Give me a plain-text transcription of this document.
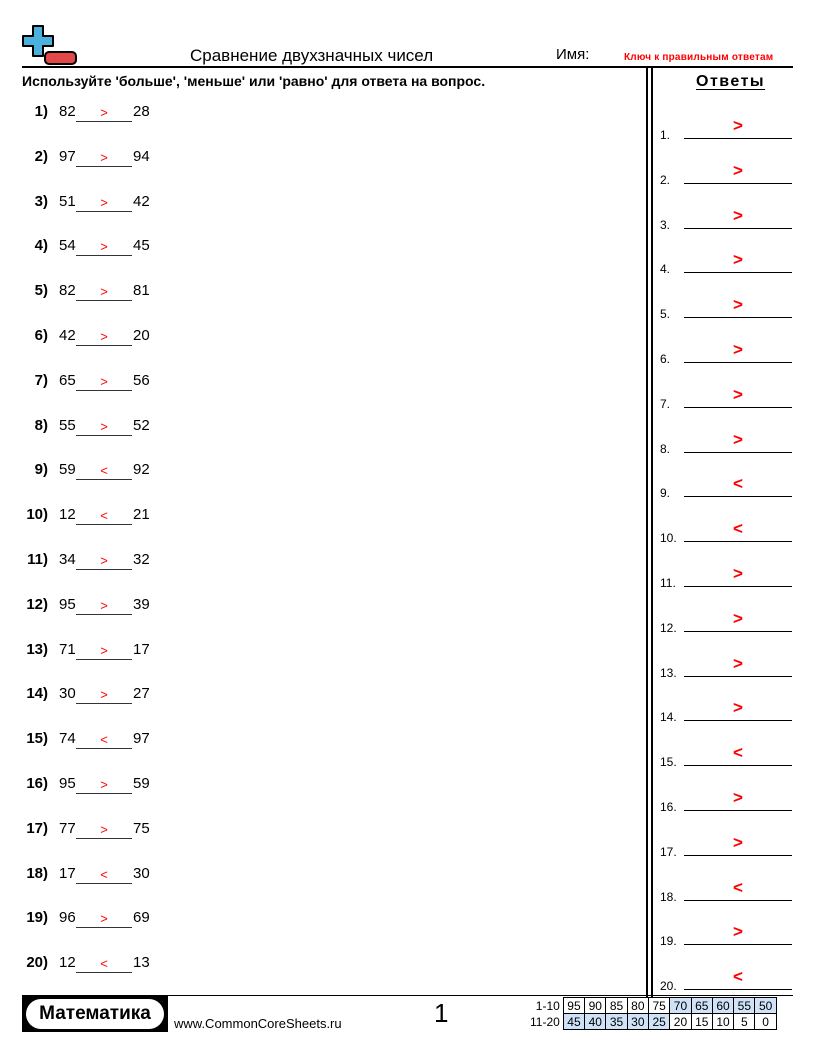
Сравнение двухзначных чисел	Имя:	Ключ к правильным ответам
Используйте 'больше', 'меньше' или 'равно' для ответа на вопрос.	Ответы
1) 82	>	28
2) 97	>	94
3) 51	>	42
4) 54	>	45
5) 82	>	81
6) 42	>	20
7) 65	>	56
8) 55	>	52
9) 59	<	92
10) 12	<	21
11) 34	>	32
12) 95	>	39
13) 71	>	17
14) 30	>	27
15) 74	<	97
16) 95	>	59
17) 77	>	75
18) 17	<	30
19) 96	>	69
20) 12	<	13
1.	>
2.	>
3.	>
4.	>
5.	>
6.	>
7.	>
8.	>
9.	<
10.	<
11.	>
12.	>
13.	>
14.	>
15.	<
16.	>
17.	>
18.	<
19.	>
20.	<
Математика	www.CommonCoreSheets.ru	1	1-10	95	90	85	80	75	70	65	60	55	50
11-20	45	40	35	30	25	20	15	10	5	0
